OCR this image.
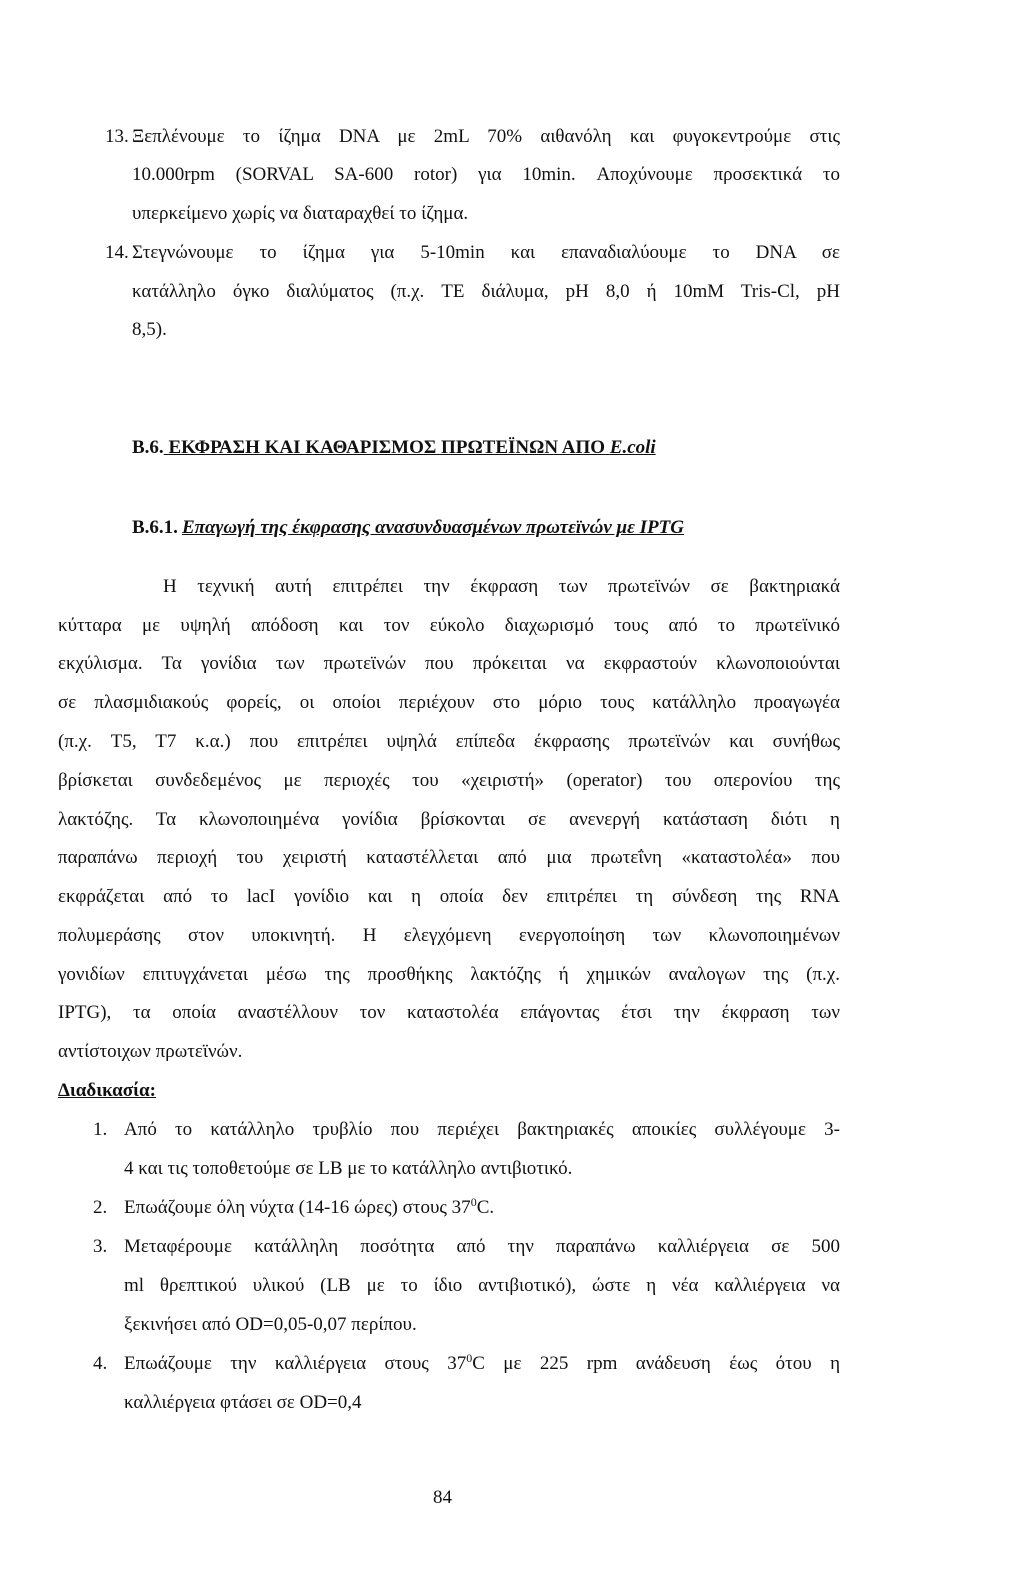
13. Ξεπλένουμε το ίζημα DNA με 2mL 70% αιθανόλη και φυγοκεντρούμε στις
10.000rpm (SORVAL SA-600 rotor) για 10min. Αποχύνουμε προσεκτικά το
υπερκείμενο χωρίς να διαταραχθεί το ίζημα.
14. Στεγνώνουμε το ίζημα για 5-10min και επαναδιαλύουμε το DNA σε
κατάλληλο όγκο διαλύματος (π.χ. TE διάλυμα, pH 8,0 ή 10mM Tris-Cl, pH
8,5).
B.6. ΕΚΦΡΑΣΗ ΚΑΙ ΚΑΘΑΡΙΣΜΟΣ ΠΡΩΤΕΪΝΩΝ ΑΠΟ E.coli
B.6.1. Επαγωγή της έκφρασης ανασυνδυασμένων πρωτεϊνών με IPTG
Η τεχνική αυτή επιτρέπει την έκφραση των πρωτεϊνών σε βακτηριακά
κύτταρα με υψηλή απόδοση και τον εύκολο διαχωρισμό τους από το πρωτεϊνικό
εκχύλισμα. Τα γονίδια των πρωτεϊνών που πρόκειται να εκφραστούν κλωνοποιούνται
σε πλασμιδιακούς φορείς, οι οποίοι περιέχουν στο μόριο τους κατάλληλο προαγωγέα
(π.χ. T5, T7 κ.α.) που επιτρέπει υψηλά επίπεδα έκφρασης πρωτεϊνών και συνήθως
βρίσκεται συνδεδεμένος με περιοχές του «χειριστή» (operator) του οπερονίου της
λακτόζης. Τα κλωνοποιημένα γονίδια βρίσκονται σε ανενεργή κατάσταση διότι η
παραπάνω περιοχή του χειριστή καταστέλλεται από μια πρωτεΐνη «καταστολέα» που
εκφράζεται από το lacI γονίδιο και η οποία δεν επιτρέπει τη σύνδεση της RNA
πολυμεράσης στον υποκινητή. Η ελεγχόμενη ενεργοποίηση των κλωνοποιημένων
γονιδίων επιτυγχάνεται μέσω της προσθήκης λακτόζης ή χημικών αναλογων της (π.χ.
IPTG), τα οποία αναστέλλουν τον καταστολέα επάγοντας έτσι την έκφραση των
αντίστοιχων πρωτεϊνών.
Διαδικασία:
1. Από το κατάλληλο τρυβλίο που περιέχει βακτηριακές αποικίες συλλέγουμε 3-
4 και τις τοποθετούμε σε LB με το κατάλληλο αντιβιοτικό.
2. Επωάζουμε όλη νύχτα (14-16 ώρες) στους $37^0C$.
3. Μεταφέρουμε κατάλληλη ποσότητα από την παραπάνω καλλιέργεια σε 500
ml θρεπτικού υλικού (LB με το ίδιο αντιβιοτικό), ώστε η νέα καλλιέργεια να
ξεκινήσει από OD=0,05-0,07 περίπου.
4. Επωάζουμε την καλλιέργεια στους $37^0C$ με 225 rpm ανάδευση έως ότου η
καλλιέργεια φτάσει σε OD=0,4
84
